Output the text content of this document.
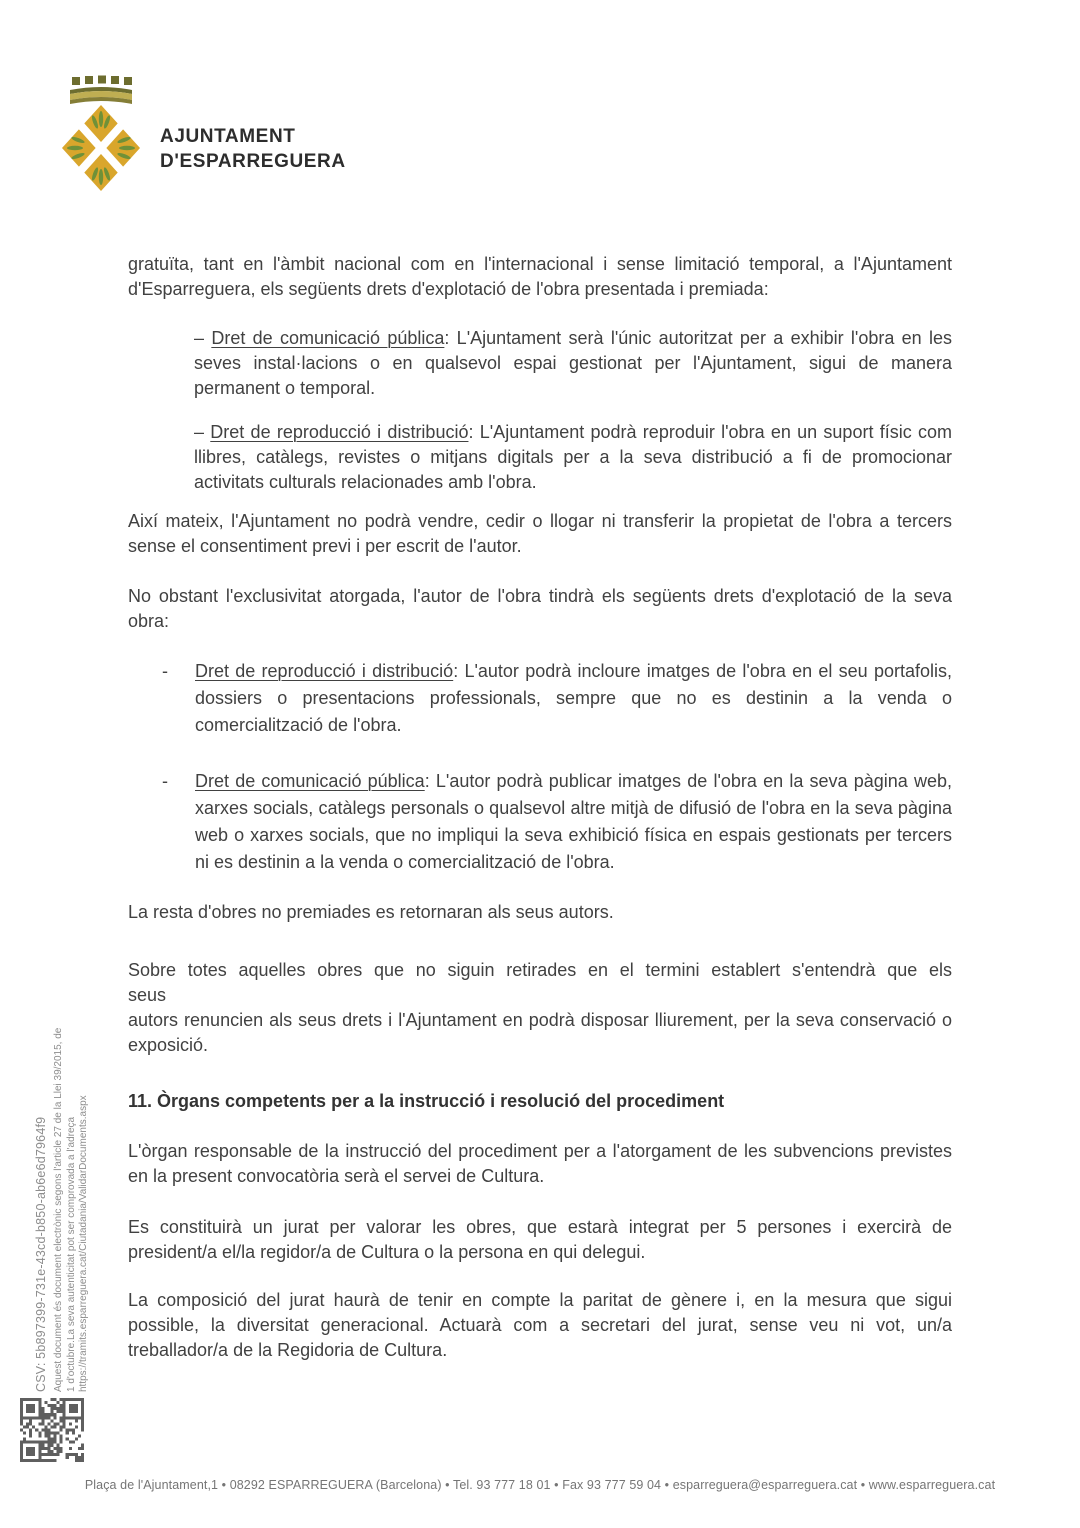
AJUNTAMENT
D'ESPARREGUERA

gratuïta, tant en l'àmbit nacional com en l'internacional i sense limitació temporal, a l'Ajuntament d'Esparreguera, els següents drets d'explotació de l'obra presentada i premiada:

– Dret de comunicació pública: L'Ajuntament serà l'únic autoritzat per a exhibir l'obra en les seves instal·lacions o en qualsevol espai gestionat per l'Ajuntament, sigui de manera permanent o temporal.

– Dret de reproducció i distribució: L'Ajuntament podrà reproduir l'obra en un suport físic com llibres, catàlegs, revistes o mitjans digitals per a la seva distribució a fi de promocionar activitats culturals relacionades amb l'obra.

Així mateix, l'Ajuntament no podrà vendre, cedir o llogar ni transferir la propietat de l'obra a tercers sense el consentiment previ i per escrit de l'autor.

No obstant l'exclusivitat atorgada, l'autor de l'obra tindrà els següents drets d'explotació de la seva obra:

- Dret de reproducció i distribució: L'autor podrà incloure imatges de l'obra en el seu portafolis, dossiers o presentacions professionals, sempre que no es destinin a la venda o comercialització de l'obra.

- Dret de comunicació pública: L'autor podrà publicar imatges de l'obra en la seva pàgina web, xarxes socials, catàlegs personals o qualsevol altre mitjà de difusió de l'obra en la seva pàgina web o xarxes socials, que no impliqui la seva exhibició física en espais gestionats per tercers ni es destinin a la venda o comercialització de l'obra.

La resta d'obres no premiades es retornaran als seus autors.

Sobre totes aquelles obres que no siguin retirades en el termini establert s'entendrà que els
seus
autors renuncien als seus drets i l'Ajuntament en podrà disposar lliurement, per la seva conservació o exposició.

11. Òrgans competents per a la instrucció i resolució del procediment

L'òrgan responsable de la instrucció del procediment per a l'atorgament de les subvencions previstes en la present convocatòria serà el servei de Cultura.

Es constituirà un jurat per valorar les obres, que estarà integrat per 5 persones i exercirà de president/a el/la regidor/a de Cultura o la persona en qui delegui.

La composició del jurat haurà de tenir en compte la paritat de gènere i, en la mesura que sigui possible, la diversitat generacional. Actuarà com a secretari del jurat, sense veu ni vot, un/a treballador/a de la Regidoria de Cultura.

CSV: 5b897399-731e-43cd-b850-ab6e6d7964f9 Aquest document és document electrònic segons l'article 27 de la Llei 39/2015, de 1 d'octubre.La seva autenticitat pot ser comprovada a l'adreça https://tramits.esparreguera.cat/Ciutadania/ValidarDocuments.aspx
Plaça de l'Ajuntament,1 • 08292 ESPARREGUERA (Barcelona) • Tel. 93 777 18 01 • Fax 93 777 59 04 • esparreguera@esparreguera.cat • www.esparreguera.cat
